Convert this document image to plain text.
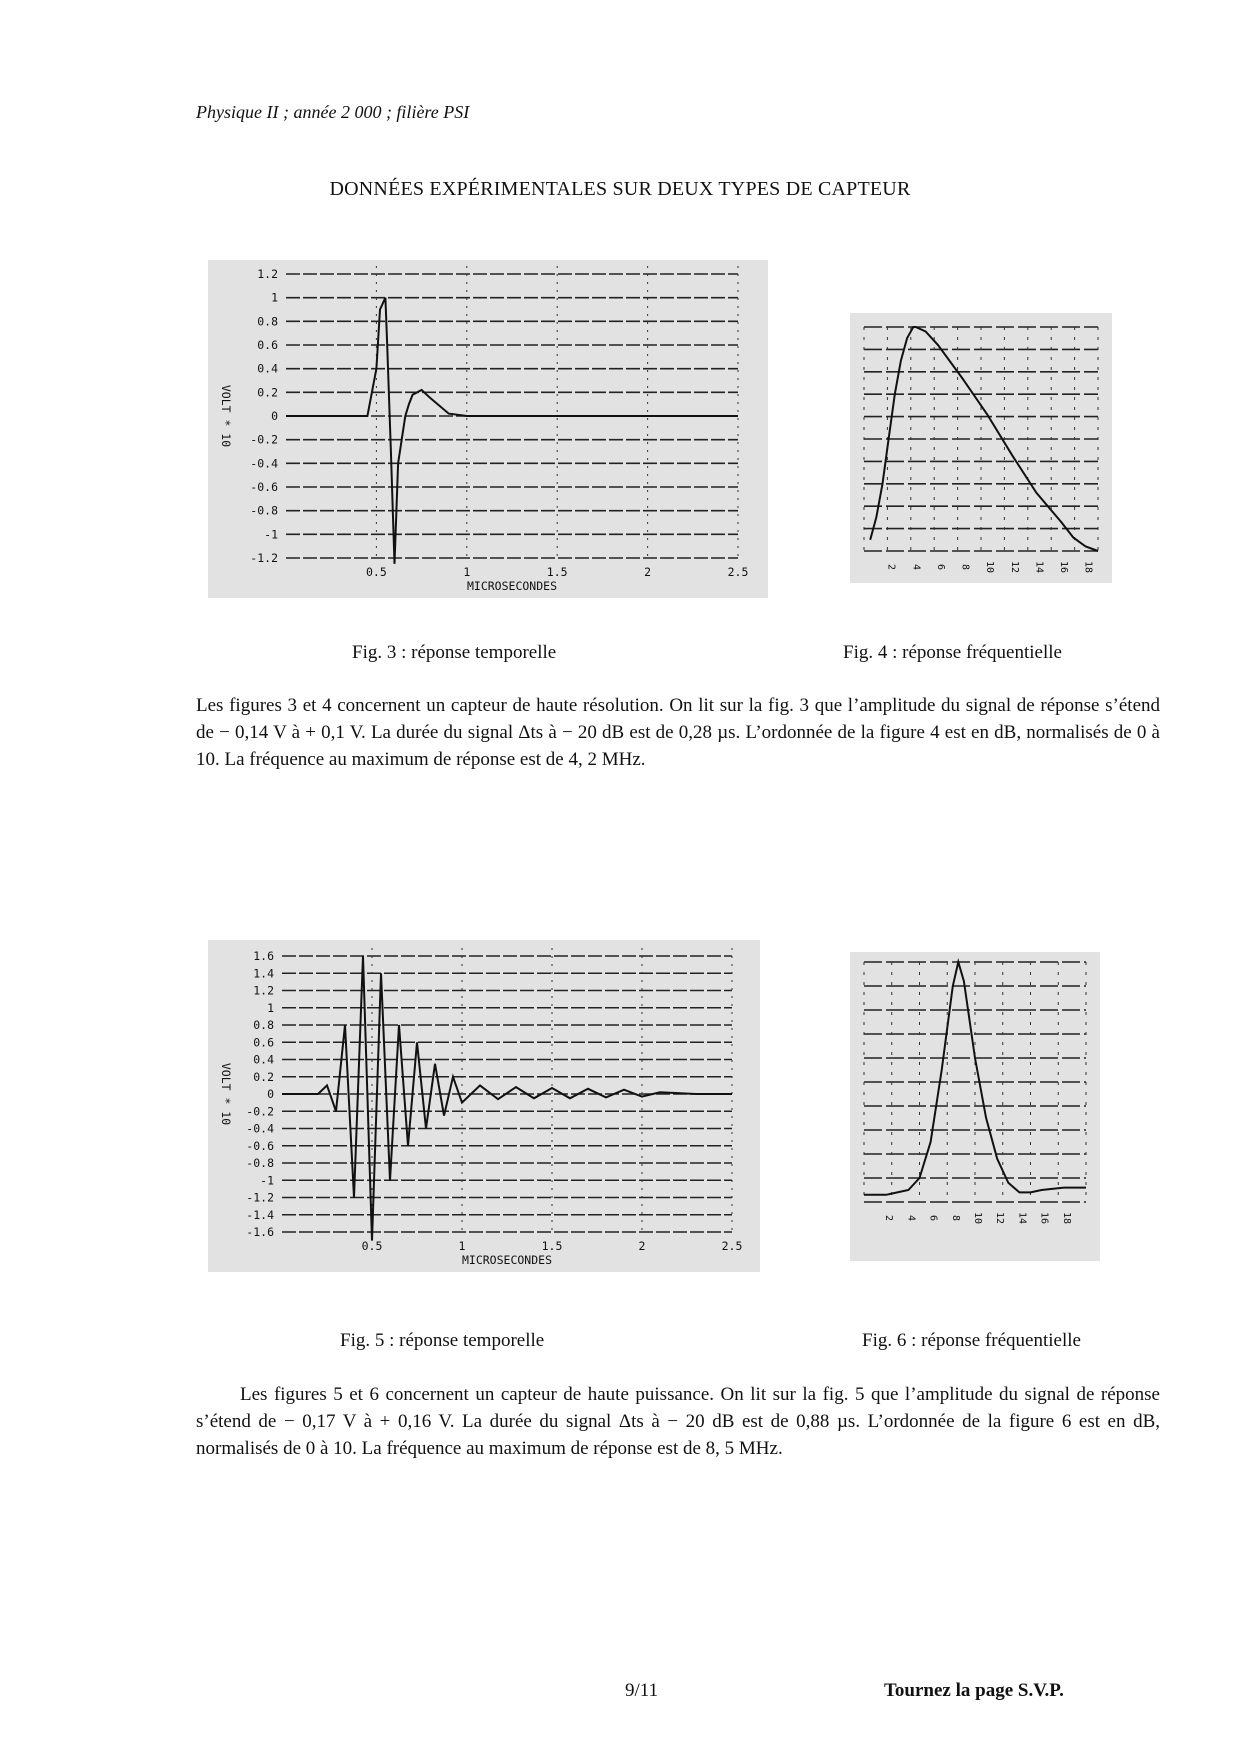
Physique II ; année 2 000 ; filière PSI
DONNÉES EXPÉRIMENTALES SUR DEUX TYPES DE CAPTEUR
1.2
1
0.8
0.6
0.4
0.2
0
-0.2
-0.4
-0.6
-0.8
-1
-1.2
0.5	1	1.5	2	2.5
MICROSECONDES
VOLT * 10
2 4 6 8 10 12 14 16 18
Fig. 3 : réponse temporelle	Fig. 4 : réponse fréquentielle
Les figures 3 et 4 concernent un capteur de haute résolution. On lit sur la fig. 3 que l’amplitude du signal de réponse s’étend de − 0,14 V à + 0,1 V. La durée du signal Δts à − 20 dB est de 0,28 µs. L’ordonnée de la figure 4 est en dB, normalisés de 0 à 10. La fréquence au maximum de réponse est de 4, 2 MHz.
1.6
1.4
1.2
1
0.8
0.6
0.4
0.2
0
-0.2
-0.4
-0.6
-0.8
-1
-1.2
-1.4
-1.6
0.5	1	1.5	2	2.5
MICROSECONDES
VOLT * 10
2 4 6 8 10 12 14 16 18
Fig. 5 : réponse temporelle	Fig. 6 : réponse fréquentielle
Les figures 5 et 6 concernent un capteur de haute puissance. On lit sur la fig. 5 que l’amplitude du signal de réponse s’étend de − 0,17 V à + 0,16 V. La durée du signal Δts à − 20 dB est de 0,88 µs. L’ordonnée de la figure 6 est en dB, normalisés de 0 à 10. La fréquence au maximum de réponse est de 8, 5 MHz.
9/11	Tournez la page S.V.P.
